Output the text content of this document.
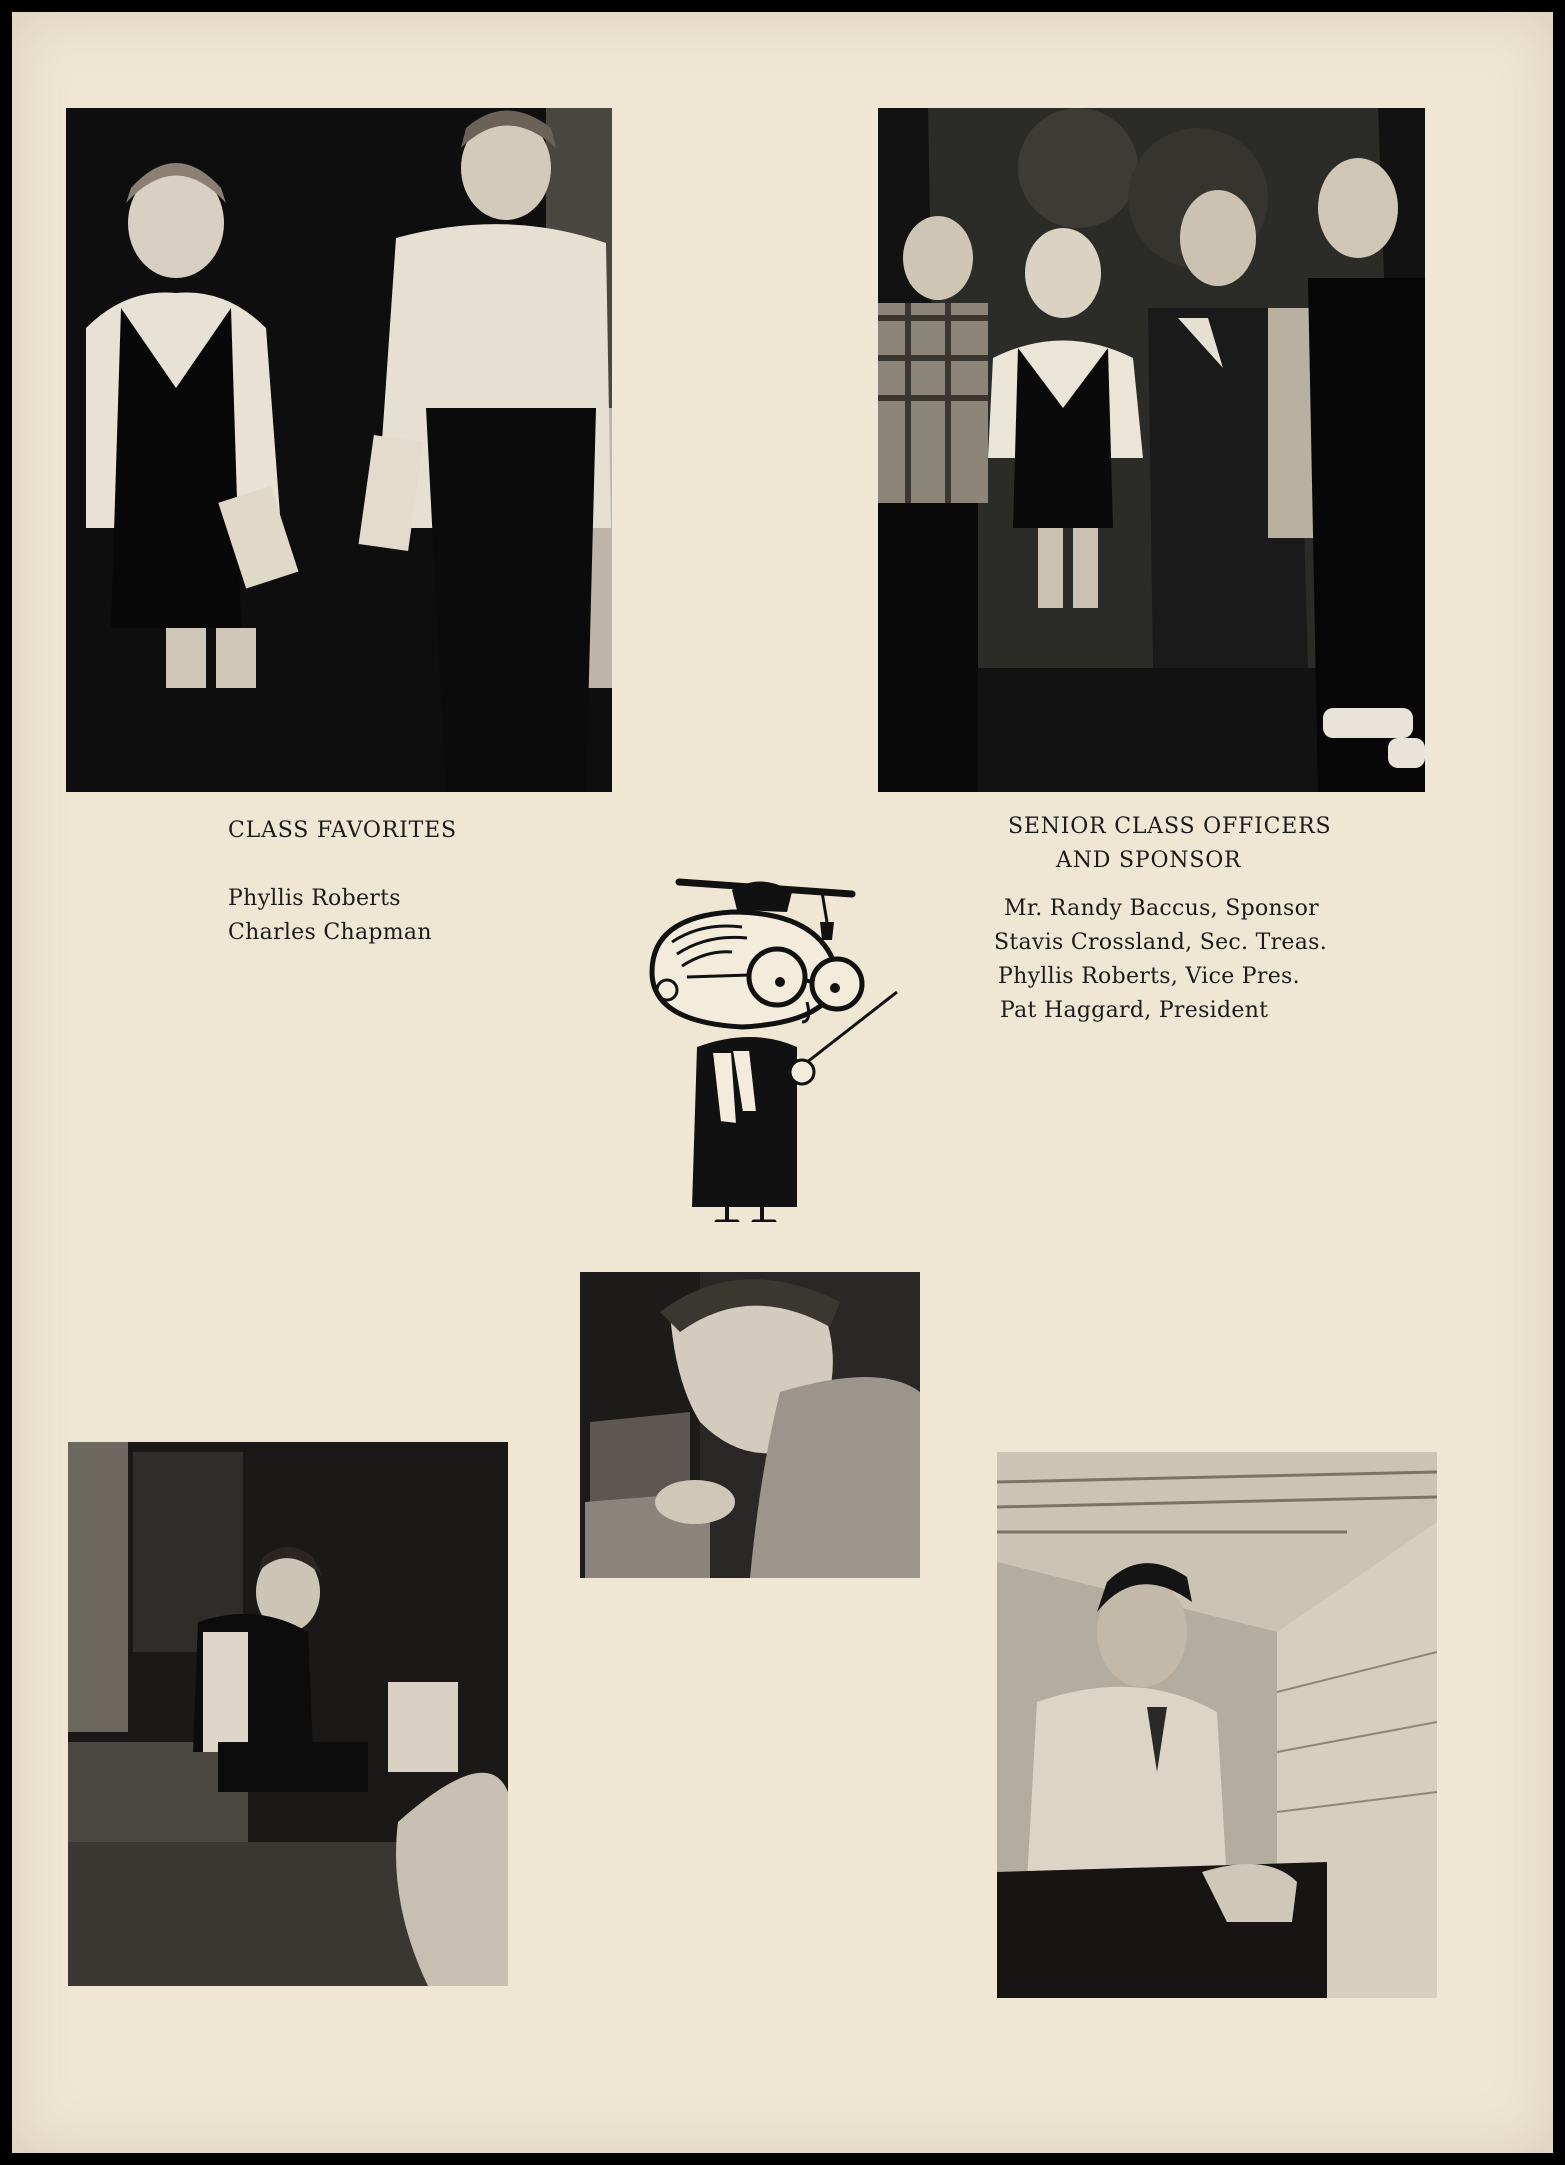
CLASS FAVORITES
Phyllis Roberts
Charles Chapman
SENIOR CLASS OFFICERS
AND SPONSOR
Mr. Randy Baccus, Sponsor
Stavis Crossland, Sec. Treas.
Phyllis Roberts, Vice Pres.
Pat Haggard, President
